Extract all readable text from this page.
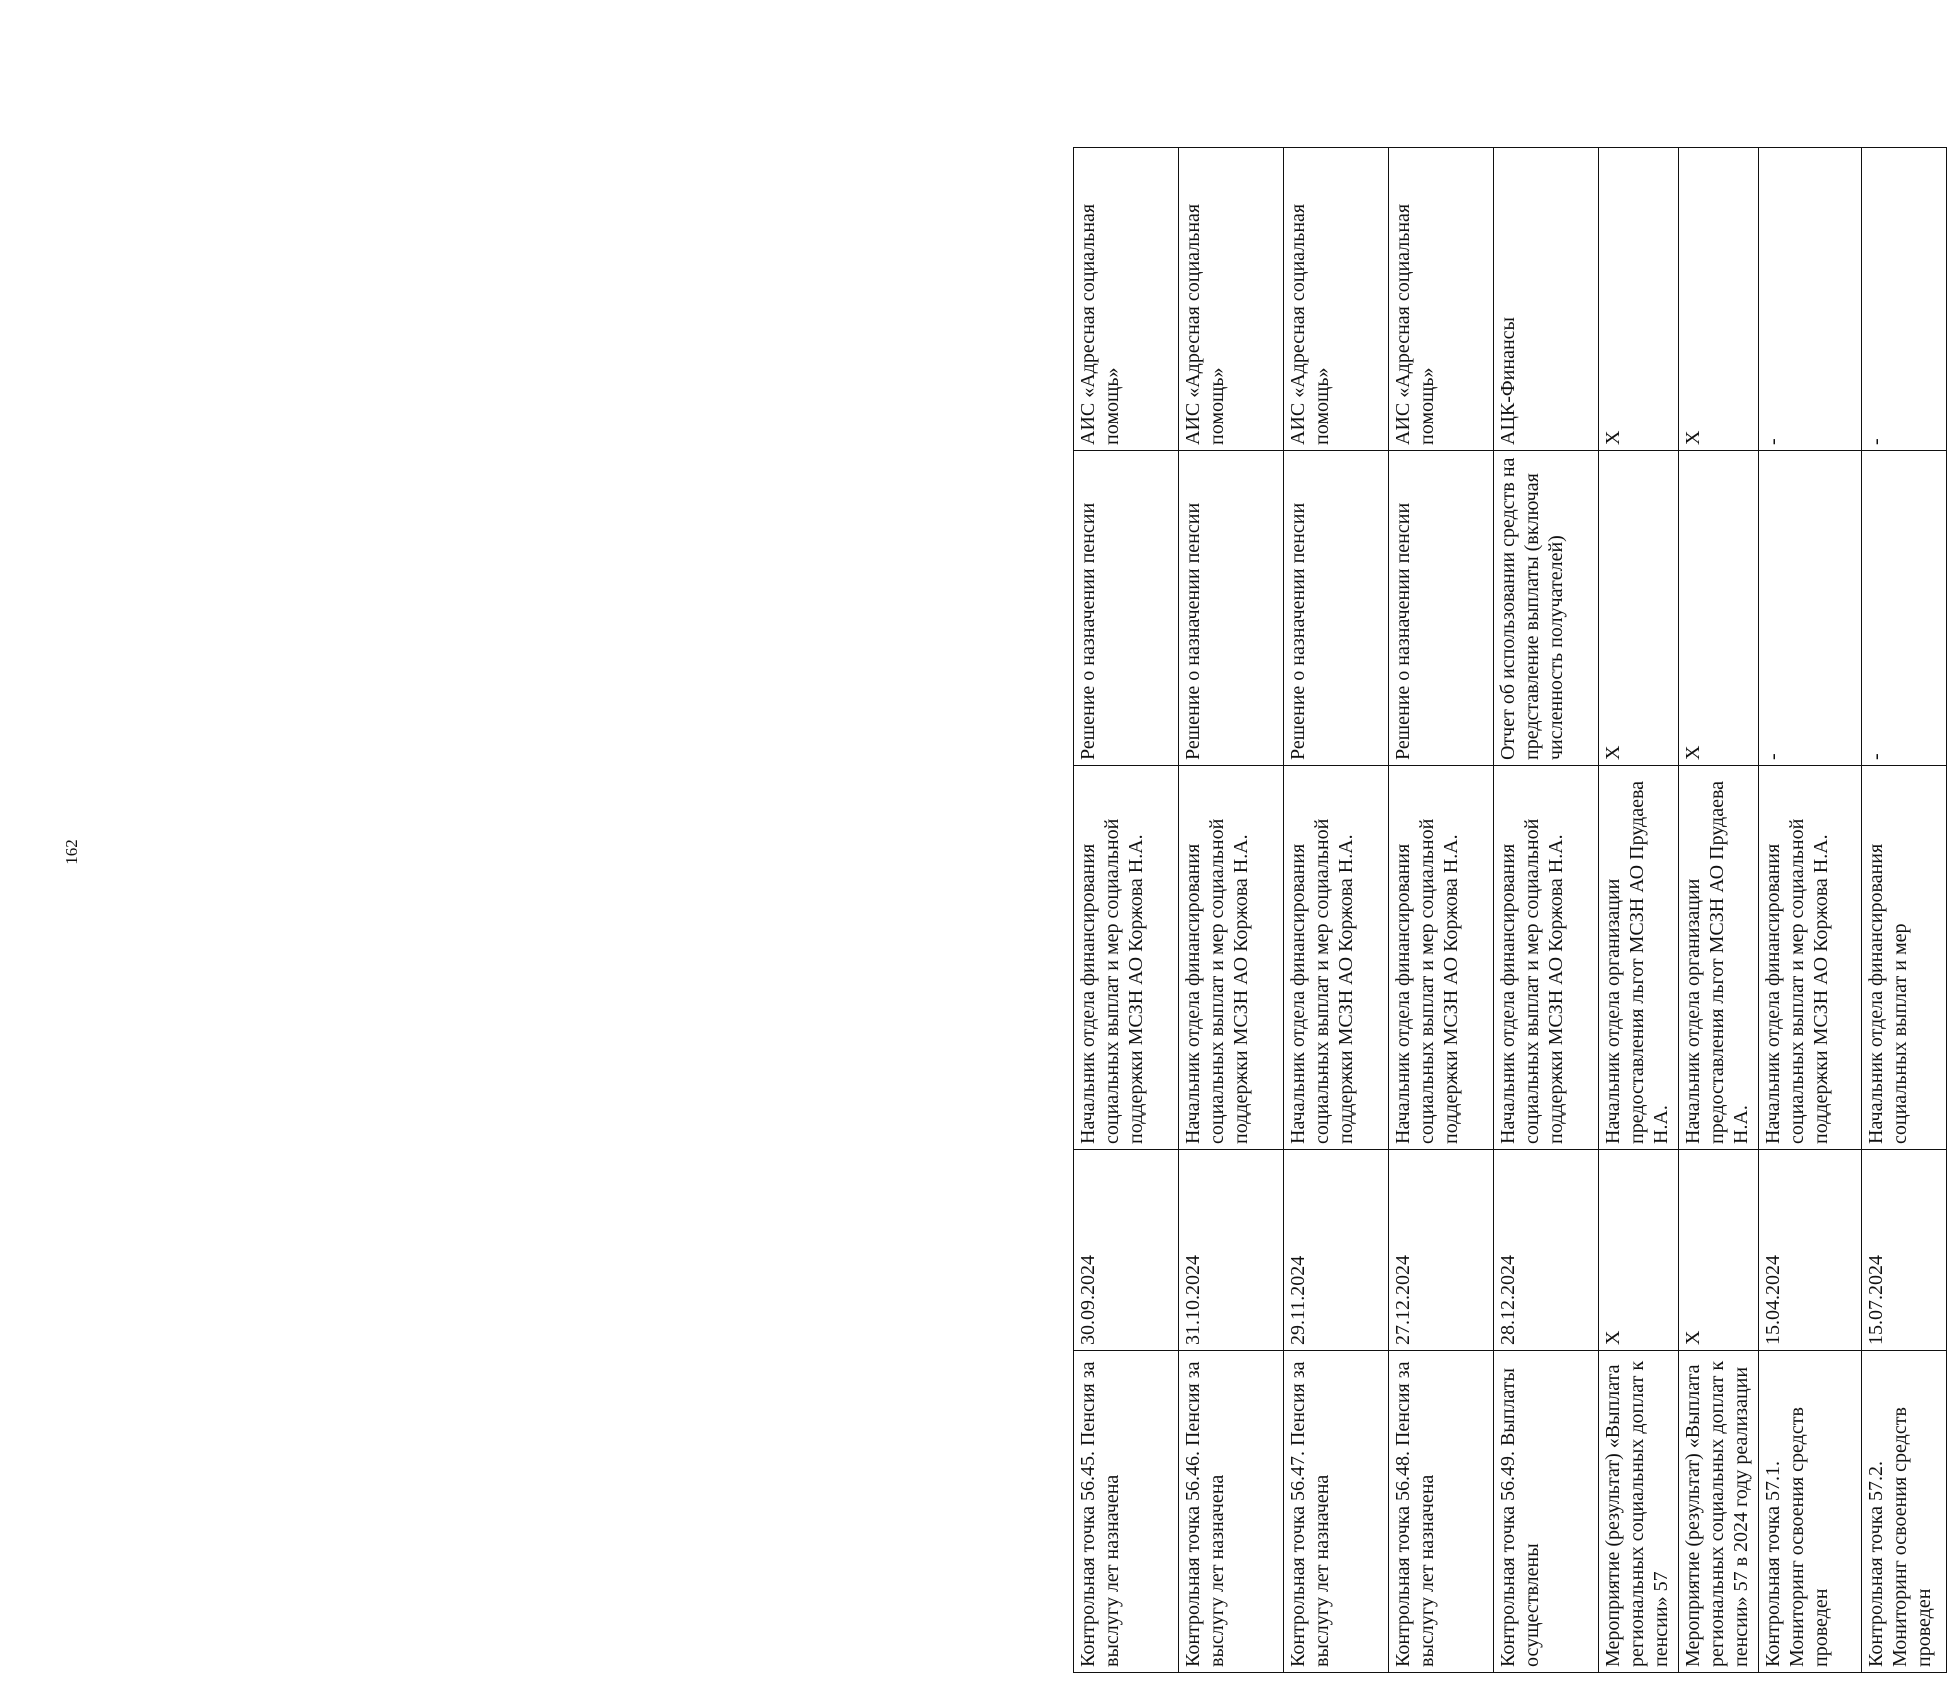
162
Контрольная точка 56.45. Пенсия за выслугу лет назначена	30.09.2024	Начальник отдела финансирования социальных выплат и мер социальной поддержки МСЗН АО Коржова Н.А.	Решение о назначении пенсии	АИС «Адресная социальная помощь»
Контрольная точка 56.46. Пенсия за выслугу лет назначена	31.10.2024	Начальник отдела финансирования социальных выплат и мер социальной поддержки МСЗН АО Коржова Н.А.	Решение о назначении пенсии	АИС «Адресная социальная помощь»
Контрольная точка 56.47. Пенсия за выслугу лет назначена	29.11.2024	Начальник отдела финансирования социальных выплат и мер социальной поддержки МСЗН АО Коржова Н.А.	Решение о назначении пенсии	АИС «Адресная социальная помощь»
Контрольная точка 56.48. Пенсия за выслугу лет назначена	27.12.2024	Начальник отдела финансирования социальных выплат и мер социальной поддержки МСЗН АО Коржова Н.А.	Решение о назначении пенсии	АИС «Адресная социальная помощь»
Контрольная точка 56.49. Выплаты осуществлены	28.12.2024	Начальник отдела финансирования социальных выплат и мер социальной поддержки МСЗН АО Коржова Н.А.	Отчет об использовании средств на представление выплаты (включая численность получателей)	АЦК-Финансы
Мероприятие (результат) «Выплата региональных социальных доплат к пенсии» 57	X	Начальник отдела организации предоставления льгот МСЗН АО Прудаева Н.А.	X	X
Мероприятие (результат) «Выплата региональных социальных доплат к пенсии» 57 в 2024 году реализации	X	Начальник отдела организации предоставления льгот МСЗН АО Прудаева Н.А.	X	X
Контрольная точка 57.1. Мониторинг освоения средств проведен	15.04.2024	Начальник отдела финансирования социальных выплат и мер социальной поддержки МСЗН АО Коржова Н.А.	-	-
Контрольная точка 57.2. Мониторинг освоения средств проведен	15.07.2024	Начальник отдела финансирования социальных выплат и мер	-	-
